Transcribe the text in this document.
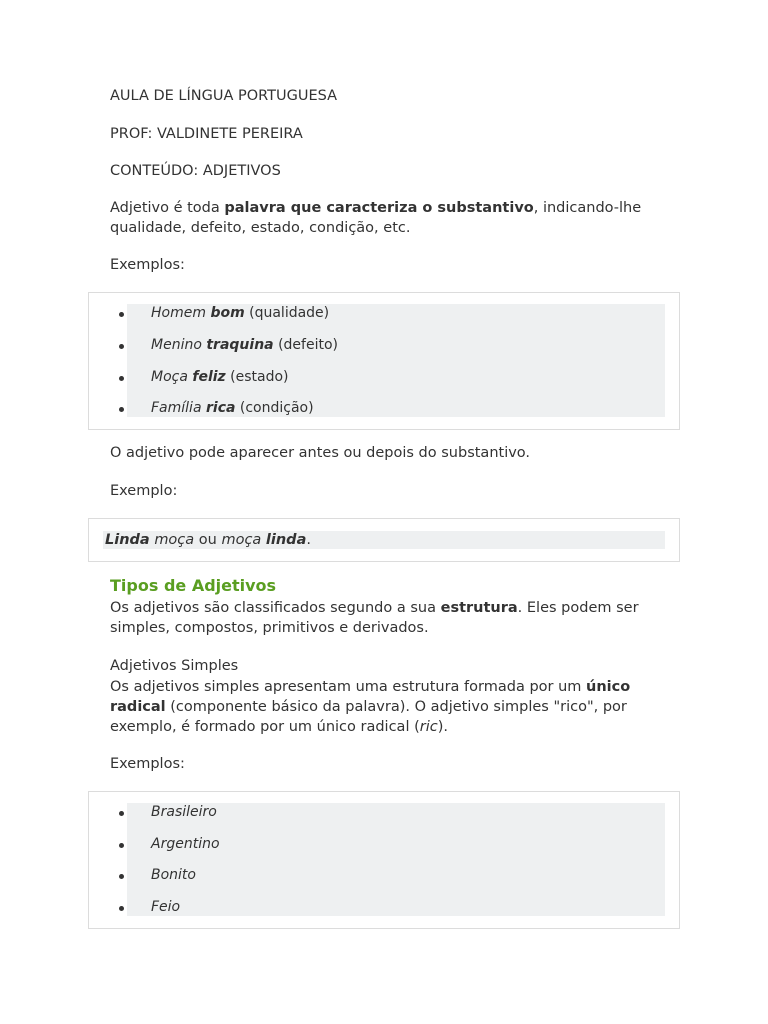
AULA DE LÍNGUA PORTUGUESA

PROF: VALDINETE PEREIRA

CONTEÚDO: ADJETIVOS

Adjetivo é toda palavra que caracteriza o substantivo, indicando-lhe qualidade, defeito, estado, condição, etc.

Exemplos:

Homem bom (qualidade)
Menino traquina (defeito)
Moça feliz (estado)
Família rica (condição)

O adjetivo pode aparecer antes ou depois do substantivo.

Exemplo:

Linda moça ou moça linda.

Tipos de Adjetivos

Os adjetivos são classificados segundo a sua estrutura. Eles podem ser simples, compostos, primitivos e derivados.

Adjetivos Simples

Os adjetivos simples apresentam uma estrutura formada por um único radical (componente básico da palavra). O adjetivo simples "rico", por exemplo, é formado por um único radical (ric).

Exemplos:

Brasileiro
Argentino
Bonito
Feio
